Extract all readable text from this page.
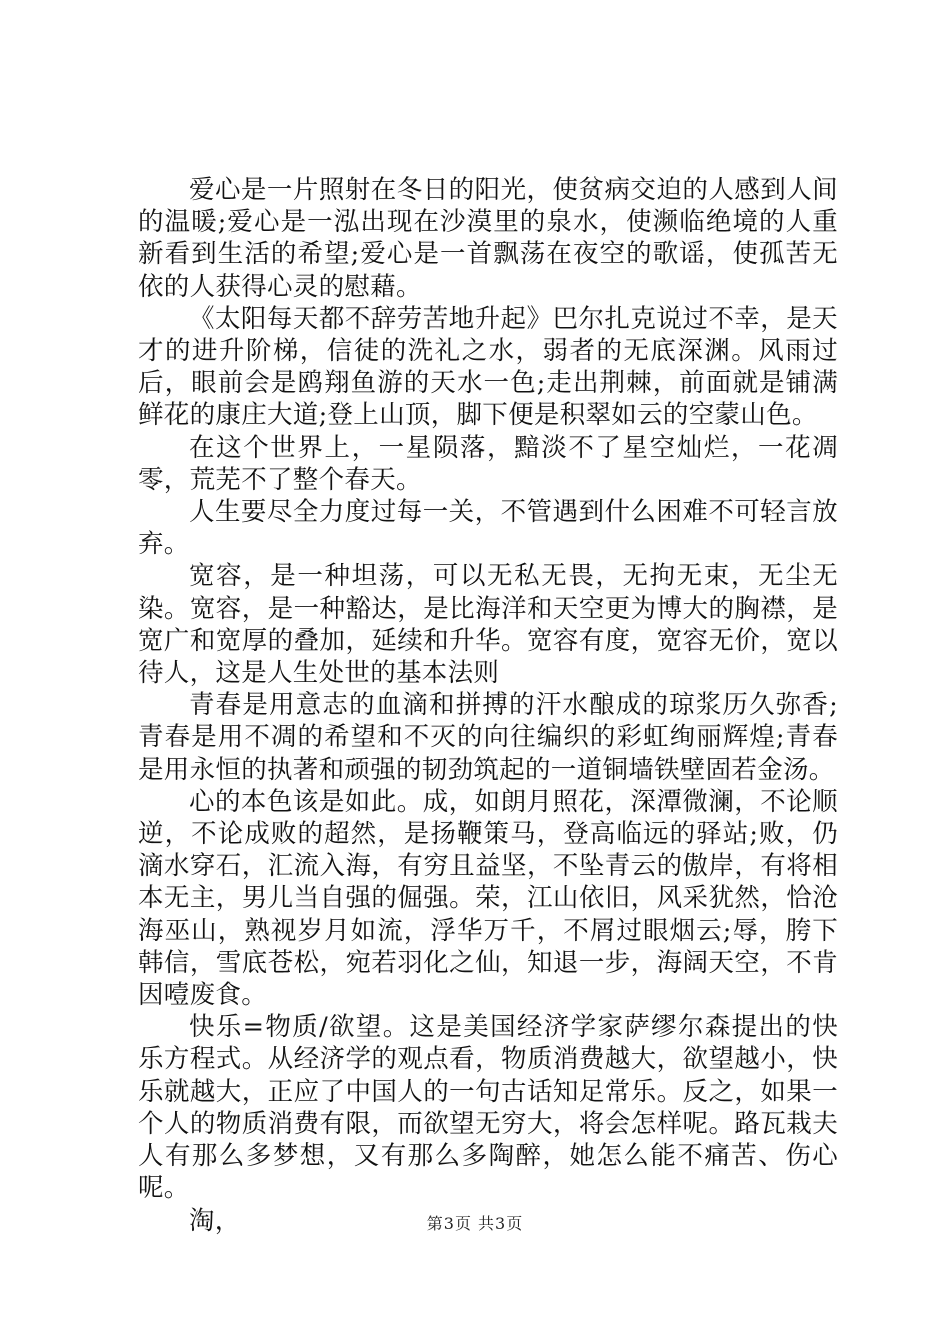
爱心是一片照射在冬日的阳光，使贫病交迫的人感到人间的温暖;爱心是一泓出现在沙漠里的泉水，使濒临绝境的人重新看到生活的希望;爱心是一首飘荡在夜空的歌谣，使孤苦无依的人获得心灵的慰藉。

《太阳每天都不辞劳苦地升起》巴尔扎克说过不幸，是天才的进升阶梯，信徒的洗礼之水，弱者的无底深渊。风雨过后，眼前会是鸥翔鱼游的天水一色;走出荆棘，前面就是铺满鲜花的康庄大道;登上山顶，脚下便是积翠如云的空蒙山色。

在这个世界上，一星陨落，黯淡不了星空灿烂，一花凋零，荒芜不了整个春天。

人生要尽全力度过每一关，不管遇到什么困难不可轻言放弃。

宽容，是一种坦荡，可以无私无畏，无拘无束，无尘无染。宽容，是一种豁达，是比海洋和天空更为博大的胸襟，是宽广和宽厚的叠加，延续和升华。宽容有度，宽容无价，宽以待人，这是人生处世的基本法则

青春是用意志的血滴和拼搏的汗水酿成的琼浆历久弥香;青春是用不凋的希望和不灭的向往编织的彩虹绚丽辉煌;青春是用永恒的执著和顽强的韧劲筑起的一道铜墙铁壁固若金汤。

心的本色该是如此。成，如朗月照花，深潭微澜，不论顺逆，不论成败的超然，是扬鞭策马，登高临远的驿站;败，仍滴水穿石，汇流入海，有穷且益坚，不坠青云的傲岸，有将相本无主，男儿当自强的倔强。荣，江山依旧，风采犹然，恰沧海巫山，熟视岁月如流，浮华万千，不屑过眼烟云;辱，胯下韩信，雪底苍松，宛若羽化之仙，知退一步，海阔天空，不肯因噎废食。

快乐=物质/欲望。这是美国经济学家萨缪尔森提出的快乐方程式。从经济学的观点看，物质消费越大，欲望越小，快乐就越大，正应了中国人的一句古话知足常乐。反之，如果一个人的物质消费有限，而欲望无穷大，将会怎样呢。路瓦栽夫人有那么多梦想，又有那么多陶醉，她怎么能不痛苦、伤心呢。

淘，	第3页 共3页
